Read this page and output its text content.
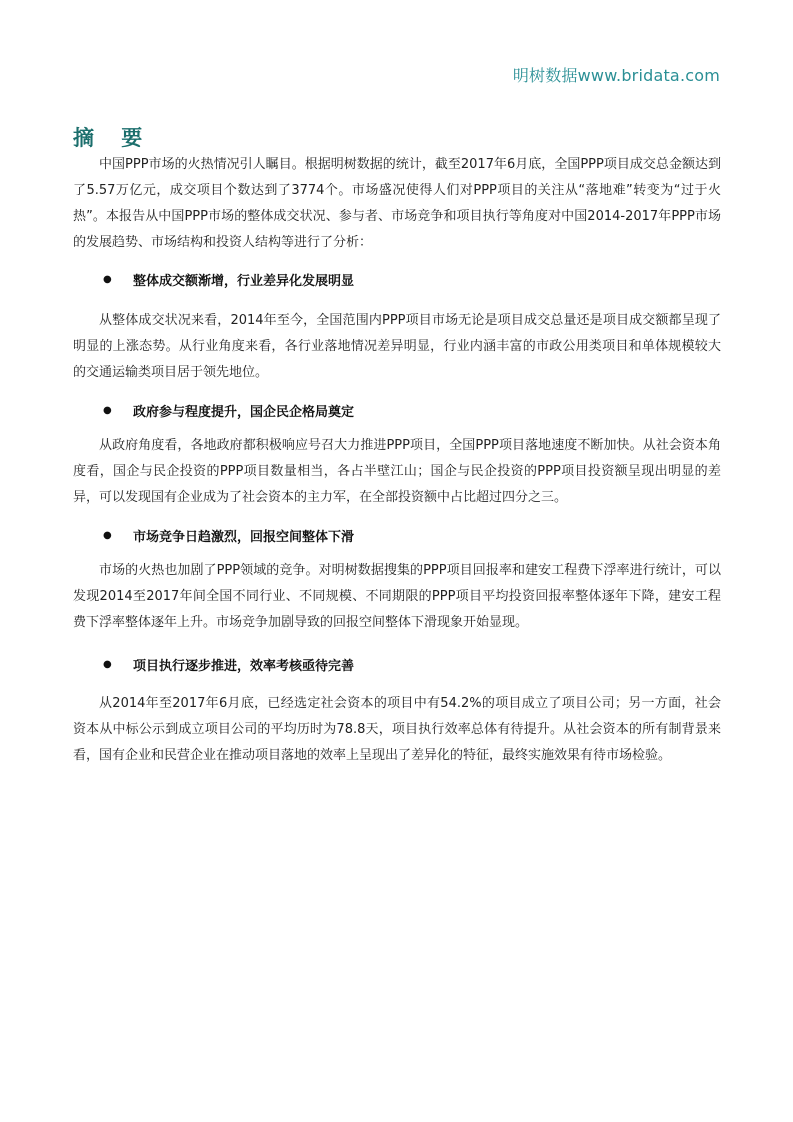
明树数据www.bridata.com
摘 要

中国PPP市场的火热情况引人瞩目。根据明树数据的统计，截至2017年6月底，全国PPP项目成交总金额达到了5.57万亿元，成交项目个数达到了3774个。市场盛况使得人们对PPP项目的关注从“落地难”转变为“过于火热”。本报告从中国PPP市场的整体成交状况、参与者、市场竞争和项目执行等角度对中国2014-2017年PPP市场的发展趋势、市场结构和投资人结构等进行了分析：

●	整体成交额渐增，行业差异化发展明显

从整体成交状况来看，2014年至今，全国范围内PPP项目市场无论是项目成交总量还是项目成交额都呈现了明显的上涨态势。从行业角度来看，各行业落地情况差异明显，行业内涵丰富的市政公用类项目和单体规模较大的交通运输类项目居于领先地位。

●	政府参与程度提升，国企民企格局奠定

从政府角度看，各地政府都积极响应号召大力推进PPP项目，全国PPP项目落地速度不断加快。从社会资本角度看，国企与民企投资的PPP项目数量相当，各占半壁江山；国企与民企投资的PPP项目投资额呈现出明显的差异，可以发现国有企业成为了社会资本的主力军，在全部投资额中占比超过四分之三。

●	市场竞争日趋激烈，回报空间整体下滑

市场的火热也加剧了PPP领域的竞争。对明树数据搜集的PPP项目回报率和建安工程费下浮率进行统计，可以发现2014至2017年间全国不同行业、不同规模、不同期限的PPP项目平均投资回报率整体逐年下降，建安工程费下浮率整体逐年上升。市场竞争加剧导致的回报空间整体下滑现象开始显现。

●	项目执行逐步推进，效率考核亟待完善

从2014年至2017年6月底，已经选定社会资本的项目中有54.2%的项目成立了项目公司；另一方面，社会资本从中标公示到成立项目公司的平均历时为78.8天，项目执行效率总体有待提升。从社会资本的所有制背景来看，国有企业和民营企业在推动项目落地的效率上呈现出了差异化的特征，最终实施效果有待市场检验。
